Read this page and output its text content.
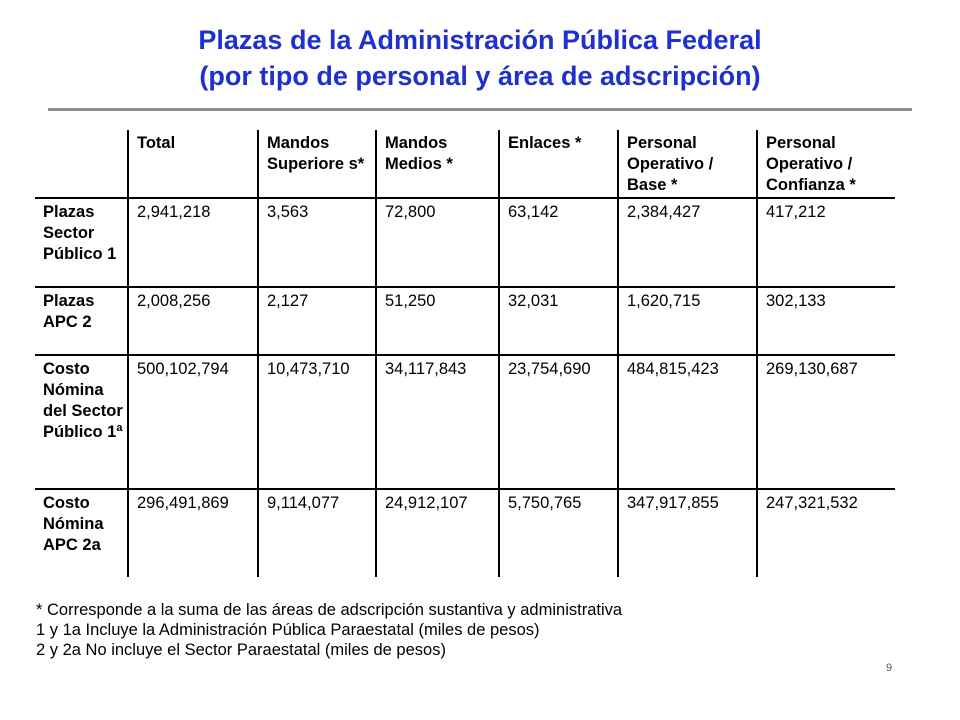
Plazas de la Administración Pública Federal
(por tipo de personal y área de adscripción)
	Total	Mandos Superiore s*	Mandos Medios *	Enlaces *	Personal Operativo / Base *	Personal Operativo / Confianza *
Plazas Sector Público 1	2,941,218	3,563	72,800	63,142	2,384,427	417,212
Plazas APC 2	2,008,256	2,127	51,250	32,031	1,620,715	302,133
Costo Nómina del Sector Público 1ª	500,102,794	10,473,710	34,117,843	23,754,690	484,815,423	269,130,687
Costo Nómina APC 2a	296,491,869	9,114,077	24,912,107	5,750,765	347,917,855	247,321,532
* Corresponde a la suma de las áreas de adscripción sustantiva y administrativa
1 y 1a Incluye la Administración Pública Paraestatal (miles de pesos)
2 y 2a No incluye el Sector Paraestatal (miles de pesos)
9
